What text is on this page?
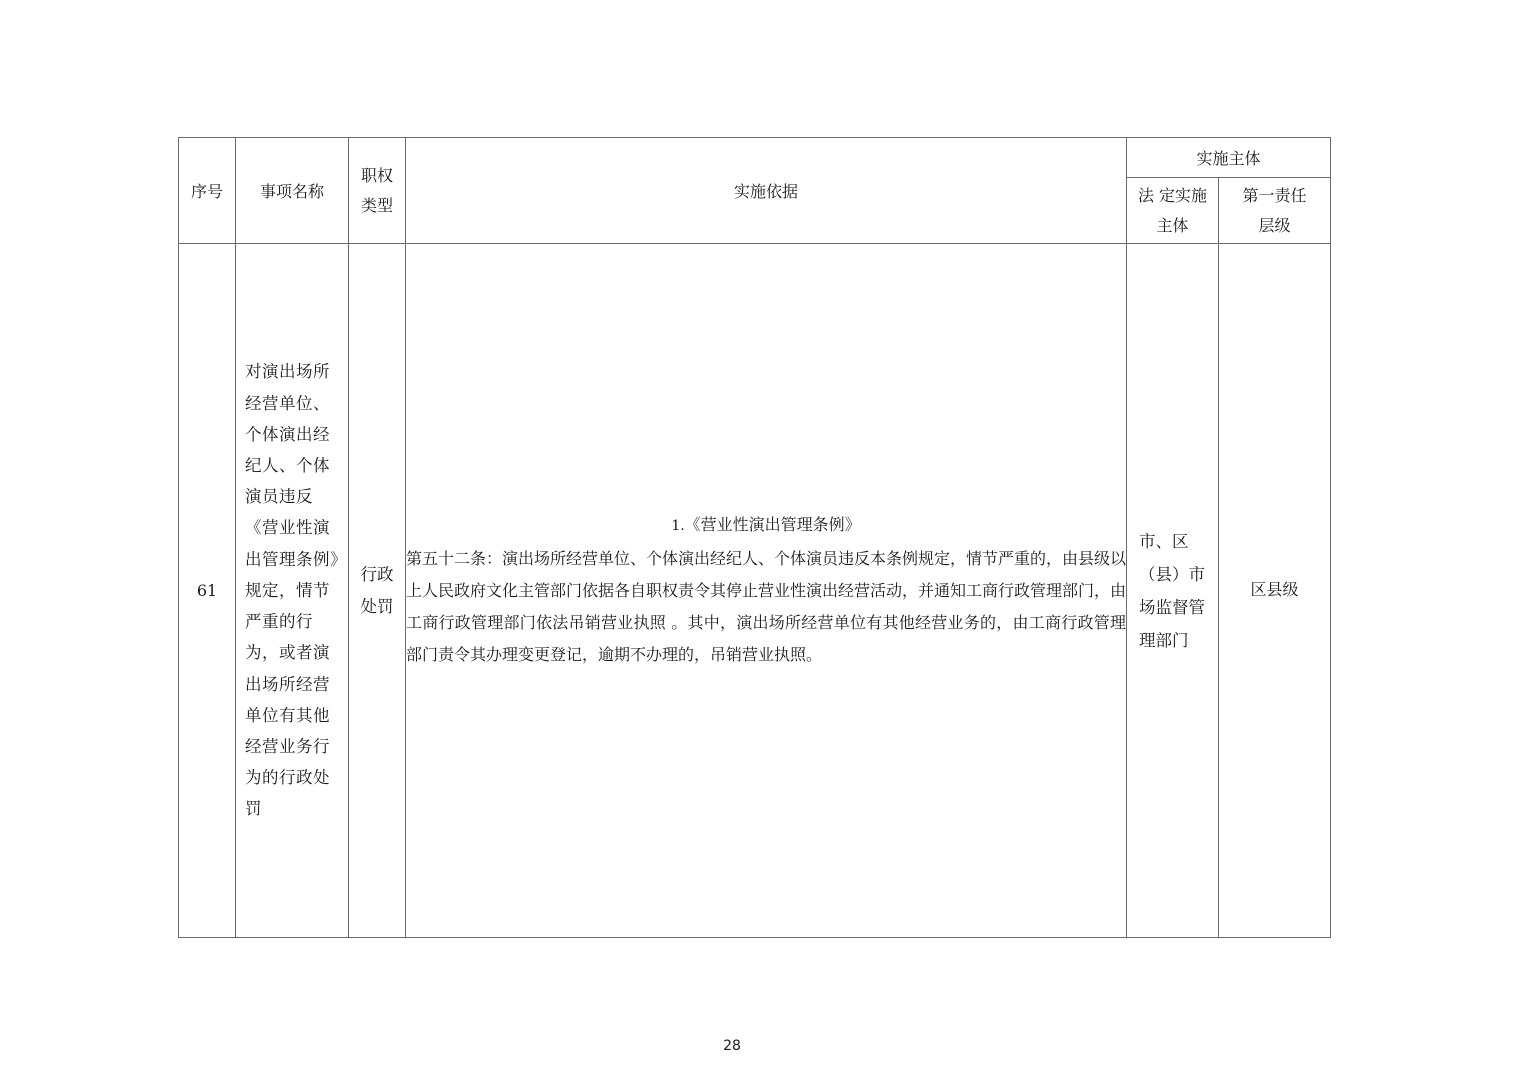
序号	事项名称	职权类型	实施依据	实施主体	

				法 定实施主体	第一责任层级

61	对演出场所经营单位、个体演出经纪人、个体演员违反《营业性演出管理条例》规定，情节严重的行为，或者演出场所经营单位有其他经营业务行为的行政处罚	行政处罚	1.《营业性演出管理条例》
第五十二条：演出场所经营单位、个体演出经纪人、个体演员违反本条例规定，情节严重的，由县级以上人民政府文化主管部门依据各自职权责令其停止营业性演出经营活动，并通知工商行政管理部门，由工商行政管理部门依法吊销营业执照 。其中，演出场所经营单位有其他经营业务的，由工商行政管理部门责令其办理变更登记，逾期不办理的，吊销营业执照。	市、区（县）市场监督管理部门	区县级
28
